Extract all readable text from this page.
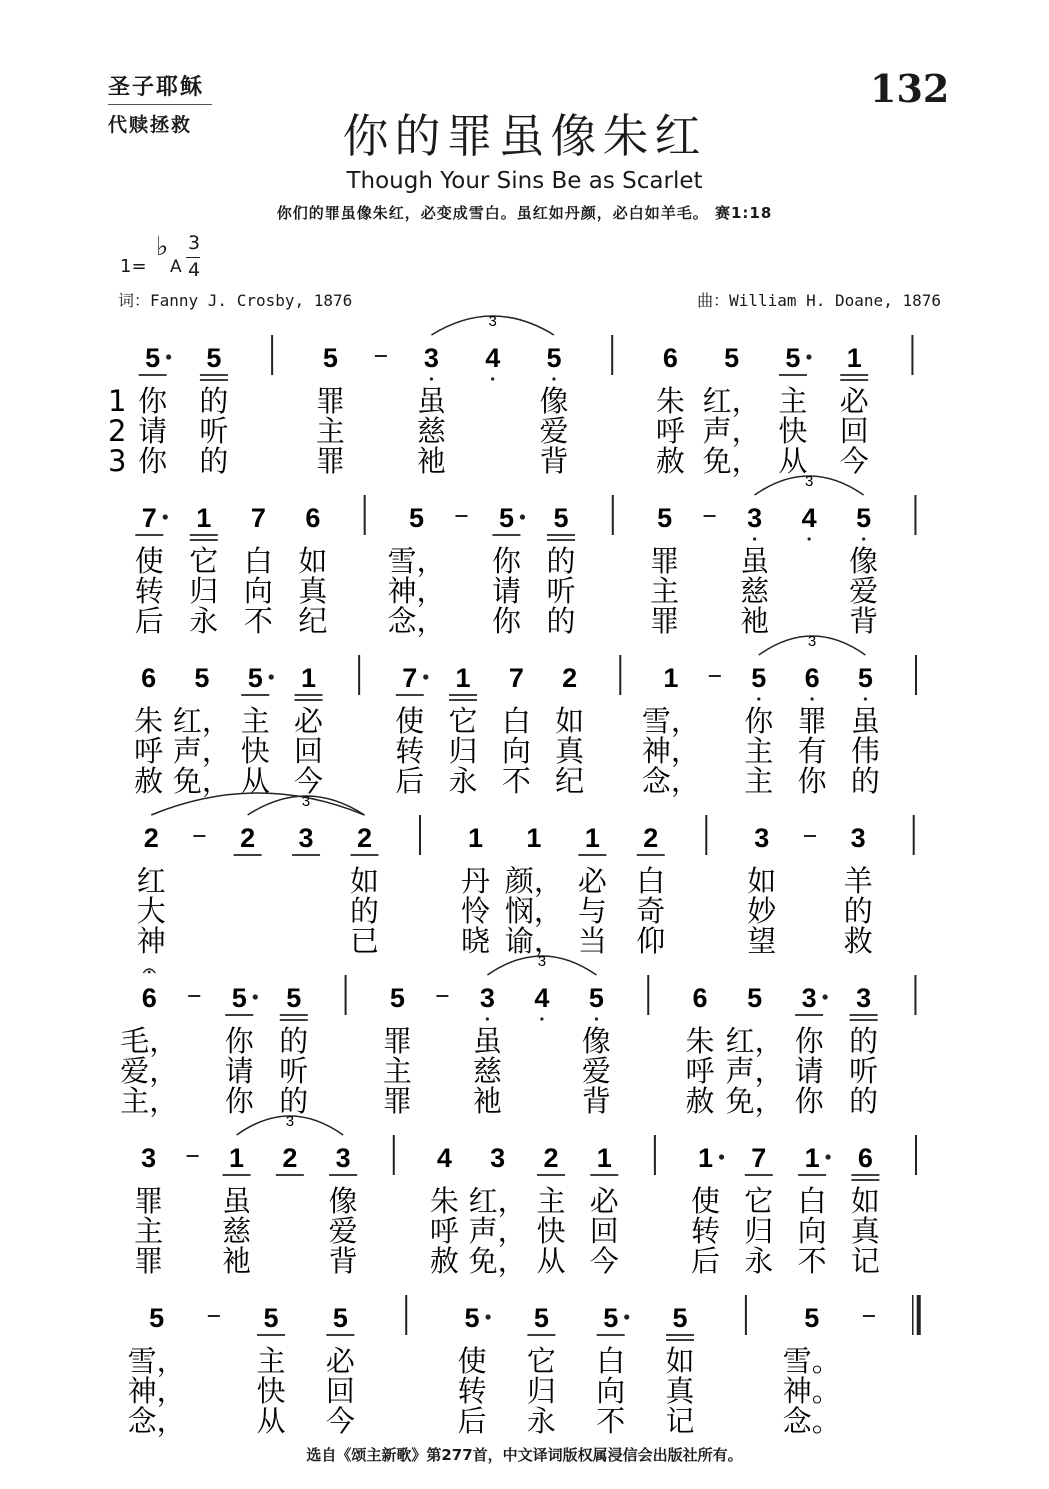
圣子耶稣
代赎拯救
132
你的罪虽像朱红
Though Your Sins Be as Scarlet
你们的罪虽像朱红，必变成雪白。虽红如丹颜，必白如羊毛。 赛1:18
1=
♭
A
3
4
词：Fanny J. Crosby, 1876	曲：William H. Doane, 1876
1
2
3
5
你
请
你
5
的
听
的
5
罪
主
罪
3
虽
慈
衪
4 5
像
爱
背
6
朱
呼
赦
5
红，
声，
免，
5
主
快
从
1
必
回
今
3
7
使
转
后
1
它
归
永
7
白
向
不
6
如
真
纪
5
雪，
神，
念，
5
你
请
你
5
的
听
的
5
罪
主
罪
3
虽
慈
衪
4 5
像
爱
背
3
6
朱
呼
赦
5
红，
声，
免，
5
主
快
从
1
必
回
今
7
使
转
后
1
它
归
永
7
白
向
不
2
如
真
纪
1
雪，
神，
念，
5
你
主
主
6
罪
有
你
5
虽
伟
的
3
2
红
大
神
2 3 2
如
的
已
1
丹
怜
晓
1
颜，
悯，
谕，
1
必
与
当
2
白
奇
仰
3
如
妙
望
3
羊
的
救
3
6
毛，
爱，
主，
5
你
请
你
5
的
听
的
5
罪
主
罪
3
虽
慈
衪
4 5
像
爱
背
6
朱
呼
赦
5
红，
声，
免，
3
你
请
你
3
的
听
的
3
3
罪
主
罪
1
虽
慈
衪
2 3
像
爱
背
4
朱
呼
赦
3
红，
声，
免，
2
主
快
从
1
必
回
今
1
使
转
后
7
它
归
永
1
白
向
不
6
如
真
记
3
5
雪，
神，
念，
5
主
快
从
5
必
回
今
5
使
转
后
5
它
归
永
5
白
向
不
5
如
真
记
5
雪。
神。
念。
选自《颂主新歌》第277首，中文译词版权属浸信会出版社所有。
